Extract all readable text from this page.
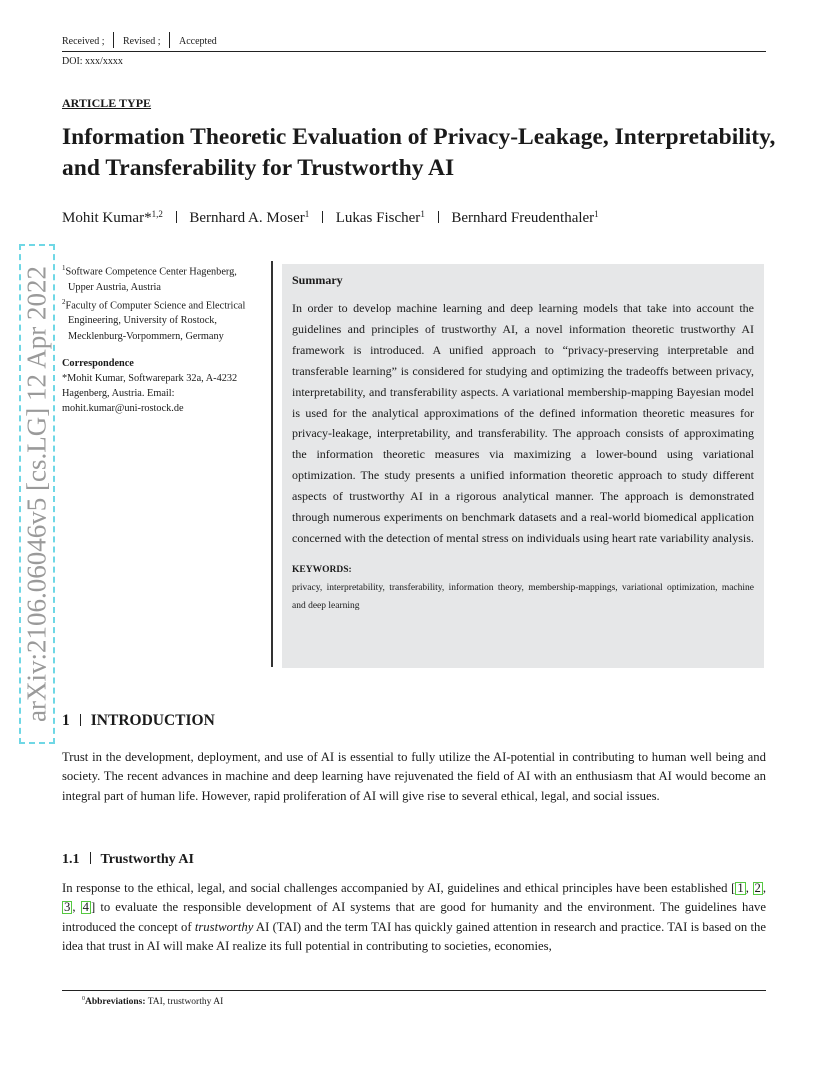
Received ; Revised ; Accepted
DOI: xxx/xxxx
arXiv:2106.06046v5 [cs.LG] 12 Apr 2022
ARTICLE TYPE
Information Theoretic Evaluation of Privacy-Leakage, Interpretability, and Transferability for Trustworthy AI
Mohit Kumar*$^{1,2}$ Bernhard A. Moser$^1$ Lukas Fischer$^1$ Bernhard Freudenthaler$^1$

$^1$Software Competence Center Hagenberg,

Upper Austria, Austria

$^2$Faculty of Computer Science and Electrical

Engineering, University of Rostock,

Mecklenburg-Vorpommern, Germany

Correspondence

*Mohit Kumar, Softwarepark 32a, A-4232

Hagenberg, Austria. Email:

mohit.kumar@uni-rostock.de

Summary

In order to develop machine learning and deep learning models that take into account the guidelines and principles of trustworthy AI, a novel information theoretic trustworthy AI framework is introduced. A unified approach to “privacy-preserving interpretable and transferable learning” is considered for studying and optimizing the tradeoffs between privacy, interpretability, and transferability aspects. A variational membership-mapping Bayesian model is used for the analytical approximations of the defined information theoretic measures for privacy-leakage, interpretability, and transferability. The approach consists of approximating the information theoretic measures via maximizing a lower-bound using variational optimization. The study presents a unified information theoretic approach to study different aspects of trustworthy AI in a rigorous analytical manner. The approach is demonstrated through numerous experiments on benchmark datasets and a real-world biomedical application concerned with the detection of mental stress on individuals using heart rate variability analysis.

KEYWORDS:

privacy, interpretability, transferability, information theory, membership-mappings, variational optimization, machine and deep learning

1 INTRODUCTION

Trust in the development, deployment, and use of AI is essential to fully utilize the AI-potential in contributing to human well being and society. The recent advances in machine and deep learning have rejuvenated the field of AI with an enthusiasm that AI would become an integral part of human life. However, rapid proliferation of AI will give rise to several ethical, legal, and social issues.

1.1 Trustworthy AI

In response to the ethical, legal, and social challenges accompanied by AI, guidelines and ethical principles have been established [ 1 , 2 , 3 , 4 ] to evaluate the responsible development of AI systems that are good for humanity and the environment. The guidelines have introduced the concept of trustworthy AI (TAI) and the term TAI has quickly gained attention in research and practice. TAI is based on the idea that trust in AI will make AI realize its full potential in contributing to societies, economies,

$^0$Abbreviations: TAI, trustworthy AI
